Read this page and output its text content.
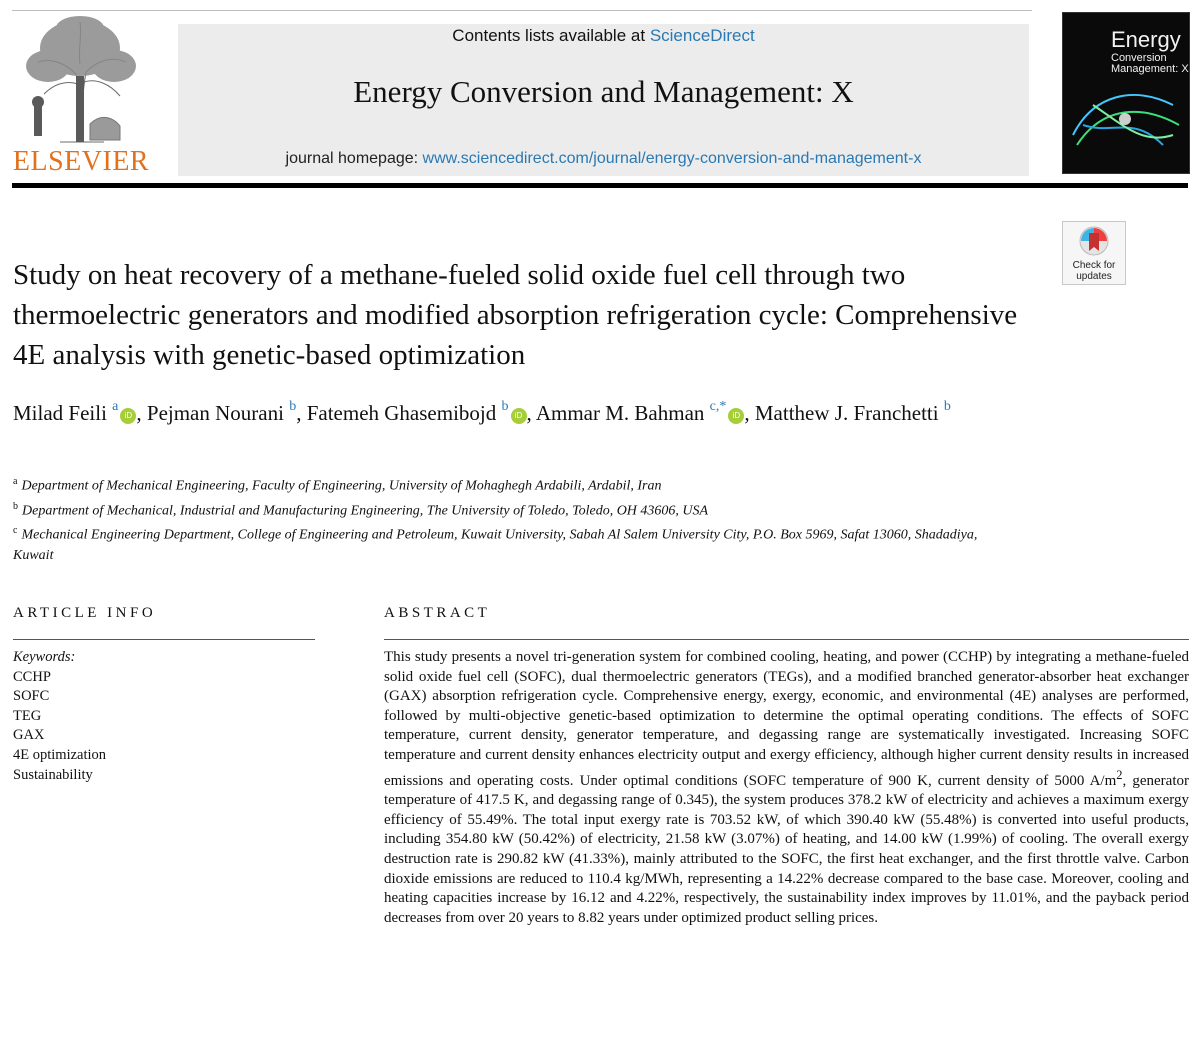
ELSEVIER
Contents lists available at ScienceDirect
Energy Conversion and Management: X
journal homepage: www.sciencedirect.com/journal/energy-conversion-and-management-x
Energy
Conversion
Management: X
Check for
updates
Study on heat recovery of a methane-fueled solid oxide fuel cell through two thermoelectric generators and modified absorption refrigeration cycle: Comprehensive 4E analysis with genetic-based optimization
Milad Feili $^a$iD , Pejman Nourani $^b$, Fatemeh Ghasemibojd $^b$iD , Ammar M. Bahman $^{c,*}$iD , Matthew J. Franchetti $^b$
$^a$ Department of Mechanical Engineering, Faculty of Engineering, University of Mohaghegh Ardabili, Ardabil, Iran
$^b$ Department of Mechanical, Industrial and Manufacturing Engineering, The University of Toledo, Toledo, OH 43606, USA
$^c$ Mechanical Engineering Department, College of Engineering and Petroleum, Kuwait University, Sabah Al Salem University City, P.O. Box 5969, Safat 13060, Shadadiya, Kuwait
ARTICLE INFO	ABSTRACT
Keywords:
CCHP
SOFC
TEG
GAX
4E optimization
Sustainability

This study presents a novel tri-generation system for combined cooling, heating, and power (CCHP) by integrating a methane-fueled solid oxide fuel cell (SOFC), dual thermoelectric generators (TEGs), and a modified branched generator-absorber heat exchanger (GAX) absorption refrigeration cycle. Comprehensive energy, exergy, economic, and environmental (4E) analyses are performed, followed by multi-objective genetic-based optimization to determine the optimal operating conditions. The effects of SOFC temperature, current density, generator temperature, and degassing range are systematically investigated. Increasing SOFC temperature and current density enhances electricity output and exergy efficiency, although higher current density results in increased emissions and operating costs. Under optimal conditions (SOFC temperature of 900 K, current density of 5000 $A/m^2$, generator temperature of 417.5 K, and degassing range of 0.345), the system produces 378.2 kW of electricity and achieves a maximum exergy efficiency of 55.49%. The total input exergy rate is 703.52 kW, of which 390.40 kW (55.48%) is converted into useful products, including 354.80 kW (50.42%) of electricity, 21.58 kW (3.07%) of heating, and 14.00 kW (1.99%) of cooling. The overall exergy destruction rate is 290.82 kW (41.33%), mainly attributed to the SOFC, the first heat exchanger, and the first throttle valve. Carbon dioxide emissions are reduced to 110.4 kg/MWh, representing a 14.22% decrease compared to the base case. Moreover, cooling and heating capacities increase by 16.12 and 4.22%, respectively, the sustainability index improves by 11.01%, and the payback period decreases from over 20 years to 8.82 years under optimized product selling prices.
